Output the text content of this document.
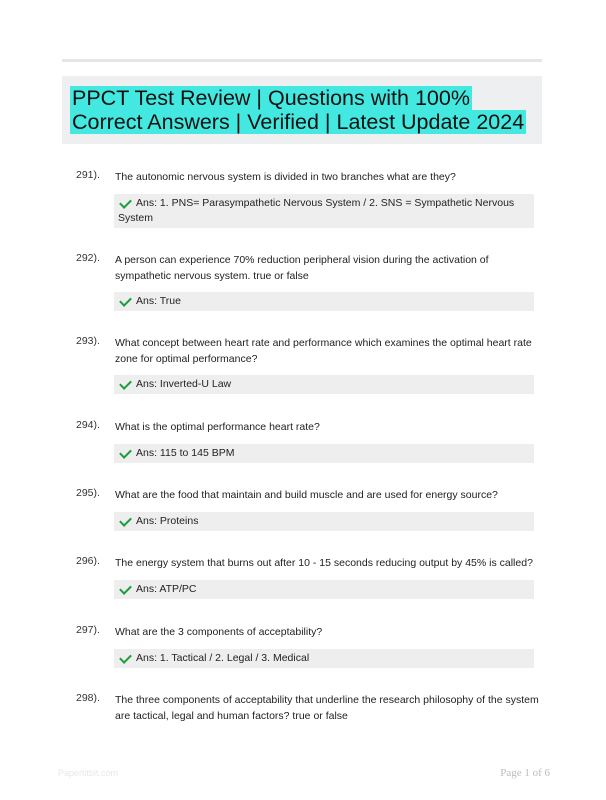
PPCT Test Review | Questions with 100% Correct Answers | Verified | Latest Update 2024
291). The autonomic nervous system is divided in two branches what are they?
Ans: 1. PNS= Parasympathetic Nervous System / 2. SNS = Sympathetic Nervous System
292). A person can experience 70% reduction peripheral vision during the activation of sympathetic nervous system. true or false
Ans: True
293). What concept between heart rate and performance which examines the optimal heart rate zone for optimal performance?
Ans: Inverted-U Law
294). What is the optimal performance heart rate?
Ans: 115 to 145 BPM
295). What are the food that maintain and build muscle and are used for energy source?
Ans: Proteins
296). The energy system that burns out after 10 - 15 seconds reducing output by 45% is called?
Ans: ATP/PC
297). What are the 3 components of acceptability?
Ans: 1. Tactical / 2. Legal / 3. Medical
298). The three components of acceptability that underline the research philosophy of the system are tactical, legal and human factors? true or false
Papertitbit.com	Page 1 of 6
